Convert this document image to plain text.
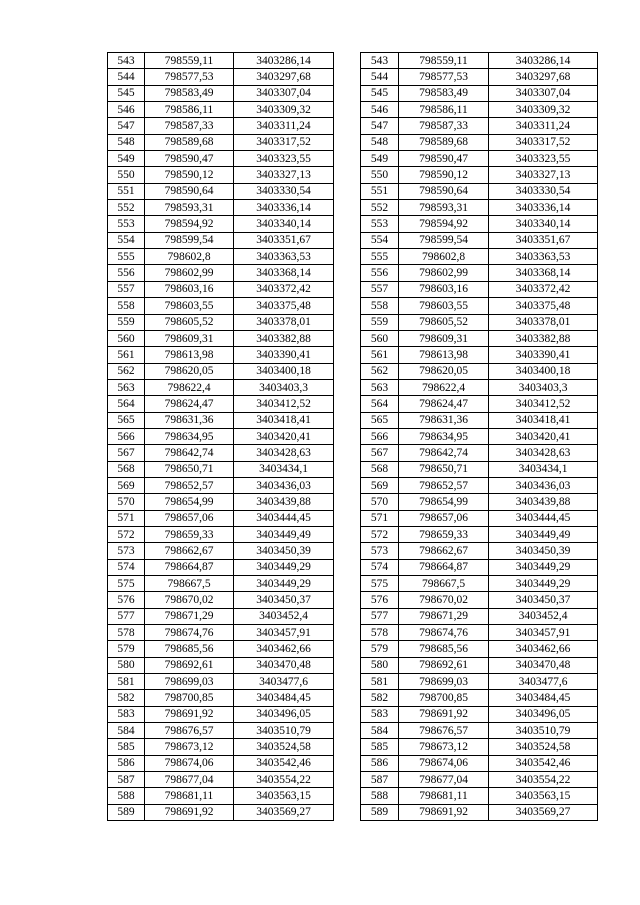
543	798559,11	3403286,14
544	798577,53	3403297,68
545	798583,49	3403307,04
546	798586,11	3403309,32
547	798587,33	3403311,24
548	798589,68	3403317,52
549	798590,47	3403323,55
550	798590,12	3403327,13
551	798590,64	3403330,54
552	798593,31	3403336,14
553	798594,92	3403340,14
554	798599,54	3403351,67
555	798602,8	3403363,53
556	798602,99	3403368,14
557	798603,16	3403372,42
558	798603,55	3403375,48
559	798605,52	3403378,01
560	798609,31	3403382,88
561	798613,98	3403390,41
562	798620,05	3403400,18
563	798622,4	3403403,3
564	798624,47	3403412,52
565	798631,36	3403418,41
566	798634,95	3403420,41
567	798642,74	3403428,63
568	798650,71	3403434,1
569	798652,57	3403436,03
570	798654,99	3403439,88
571	798657,06	3403444,45
572	798659,33	3403449,49
573	798662,67	3403450,39
574	798664,87	3403449,29
575	798667,5	3403449,29
576	798670,02	3403450,37
577	798671,29	3403452,4
578	798674,76	3403457,91
579	798685,56	3403462,66
580	798692,61	3403470,48
581	798699,03	3403477,6
582	798700,85	3403484,45
583	798691,92	3403496,05
584	798676,57	3403510,79
585	798673,12	3403524,58
586	798674,06	3403542,46
587	798677,04	3403554,22
588	798681,11	3403563,15
589	798691,92	3403569,27
543	798559,11	3403286,14
544	798577,53	3403297,68
545	798583,49	3403307,04
546	798586,11	3403309,32
547	798587,33	3403311,24
548	798589,68	3403317,52
549	798590,47	3403323,55
550	798590,12	3403327,13
551	798590,64	3403330,54
552	798593,31	3403336,14
553	798594,92	3403340,14
554	798599,54	3403351,67
555	798602,8	3403363,53
556	798602,99	3403368,14
557	798603,16	3403372,42
558	798603,55	3403375,48
559	798605,52	3403378,01
560	798609,31	3403382,88
561	798613,98	3403390,41
562	798620,05	3403400,18
563	798622,4	3403403,3
564	798624,47	3403412,52
565	798631,36	3403418,41
566	798634,95	3403420,41
567	798642,74	3403428,63
568	798650,71	3403434,1
569	798652,57	3403436,03
570	798654,99	3403439,88
571	798657,06	3403444,45
572	798659,33	3403449,49
573	798662,67	3403450,39
574	798664,87	3403449,29
575	798667,5	3403449,29
576	798670,02	3403450,37
577	798671,29	3403452,4
578	798674,76	3403457,91
579	798685,56	3403462,66
580	798692,61	3403470,48
581	798699,03	3403477,6
582	798700,85	3403484,45
583	798691,92	3403496,05
584	798676,57	3403510,79
585	798673,12	3403524,58
586	798674,06	3403542,46
587	798677,04	3403554,22
588	798681,11	3403563,15
589	798691,92	3403569,27
